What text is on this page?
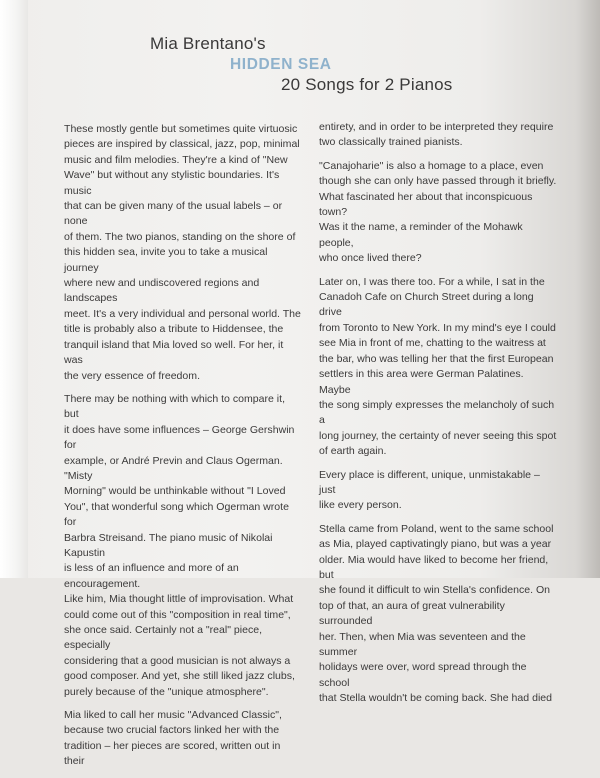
Mia Brentano's
HIDDEN SEA
20 Songs for 2 Pianos

These mostly gentle but sometimes quite virtuosic
pieces are inspired by classical, jazz, pop, minimal
music and film melodies. They're a kind of "New
Wave" but without any stylistic boundaries. It's music
that can be given many of the usual labels – or none
of them. The two pianos, standing on the shore of
this hidden sea, invite you to take a musical journey
where new and undiscovered regions and landscapes
meet. It's a very individual and personal world. The
title is probably also a tribute to Hiddensee, the
tranquil island that Mia loved so well. For her, it was
the very essence of freedom.

There may be nothing with which to compare it, but
it does have some influences – George Gershwin for
example, or André Previn and Claus Ogerman. "Misty
Morning" would be unthinkable without "I Loved
You", that wonderful song which Ogerman wrote for
Barbra Streisand. The piano music of Nikolai Kapustin
is less of an influence and more of an encouragement.
Like him, Mia thought little of improvisation. What
could come out of this "composition in real time",
she once said. Certainly not a "real" piece, especially
considering that a good musician is not always a
good composer. And yet, she still liked jazz clubs,
purely because of the "unique atmosphere".

Mia liked to call her music "Advanced Classic",
because two crucial factors linked her with the
tradition – her pieces are scored, written out in their

entirety, and in order to be interpreted they require
two classically trained pianists.

"Canajoharie" is also a homage to a place, even
though she can only have passed through it briefly.
What fascinated her about that inconspicuous town?
Was it the name, a reminder of the Mohawk people,
who once lived there?

Later on, I was there too. For a while, I sat in the
Canadoh Cafe on Church Street during a long drive
from Toronto to New York. In my mind's eye I could
see Mia in front of me, chatting to the waitress at
the bar, who was telling her that the first European
settlers in this area were German Palatines. Maybe
the song simply expresses the melancholy of such a
long journey, the certainty of never seeing this spot
of earth again.

Every place is different, unique, unmistakable – just
like every person.

Stella came from Poland, went to the same school
as Mia, played captivatingly piano, but was a year
older. Mia would have liked to become her friend, but
she found it difficult to win Stella's confidence. On
top of that, an aura of great vulnerability surrounded
her. Then, when Mia was seventeen and the summer
holidays were over, word spread through the school
that Stella wouldn't be coming back. She had died
